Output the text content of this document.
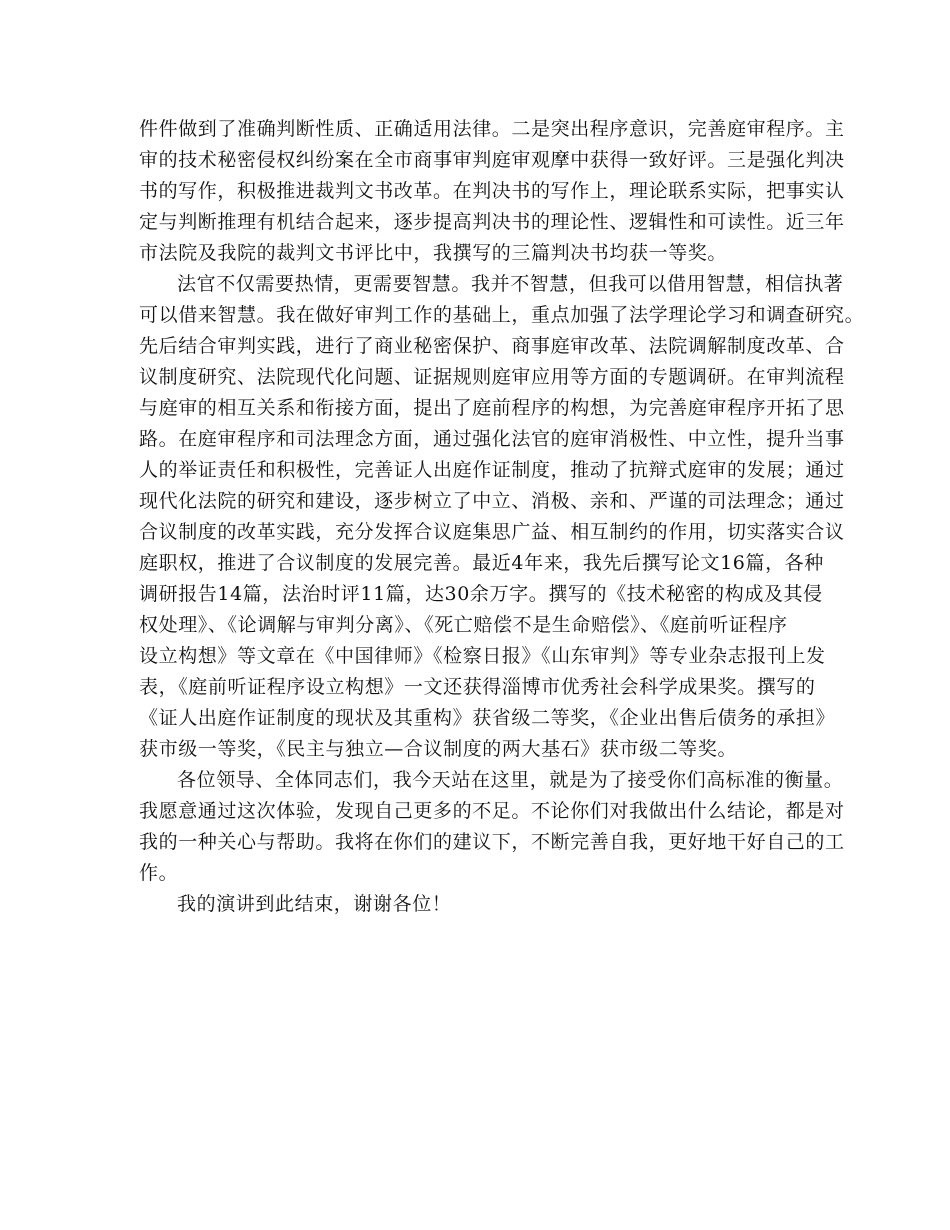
件件做到了准确判断性质、正确适用法律。二是突出程序意识，完善庭审程序。主
审的技术秘密侵权纠纷案在全市商事审判庭审观摩中获得一致好评。三是强化判决
书的写作，积极推进裁判文书改革。在判决书的写作上，理论联系实际，把事实认
定与判断推理有机结合起来，逐步提高判决书的理论性、逻辑性和可读性。近三年
市法院及我院的裁判文书评比中，我撰写的三篇判决书均获一等奖。
法官不仅需要热情，更需要智慧。我并不智慧，但我可以借用智慧，相信执著
可以借来智慧。我在做好审判工作的基础上，重点加强了法学理论学习和调查研究。
先后结合审判实践，进行了商业秘密保护、商事庭审改革、法院调解制度改革、合
议制度研究、法院现代化问题、证据规则庭审应用等方面的专题调研。在审判流程
与庭审的相互关系和衔接方面，提出了庭前程序的构想，为完善庭审程序开拓了思
路。在庭审程序和司法理念方面，通过强化法官的庭审消极性、中立性，提升当事
人的举证责任和积极性，完善证人出庭作证制度，推动了抗辩式庭审的发展；通过
现代化法院的研究和建设，逐步树立了中立、消极、亲和、严谨的司法理念；通过
合议制度的改革实践，充分发挥合议庭集思广益、相互制约的作用，切实落实合议
庭职权，推进了合议制度的发展完善。最近4年来，我先后撰写论文16篇，各种
调研报告14篇，法治时评11篇，达30余万字。撰写的《技术秘密的构成及其侵
权处理》、《论调解与审判分离》、《死亡赔偿不是生命赔偿》、《庭前听证程序
设立构想》等文章在《中国律师》《检察日报》《山东审判》等专业杂志报刊上发
表，《庭前听证程序设立构想》一文还获得淄博市优秀社会科学成果奖。撰写的
《证人出庭作证制度的现状及其重构》获省级二等奖，《企业出售后债务的承担》
获市级一等奖，《民主与独立—合议制度的两大基石》获市级二等奖。
各位领导、全体同志们，我今天站在这里，就是为了接受你们高标准的衡量。
我愿意通过这次体验，发现自己更多的不足。不论你们对我做出什么结论，都是对
我的一种关心与帮助。我将在你们的建议下，不断完善自我，更好地干好自己的工
作。
我的演讲到此结束，谢谢各位！
